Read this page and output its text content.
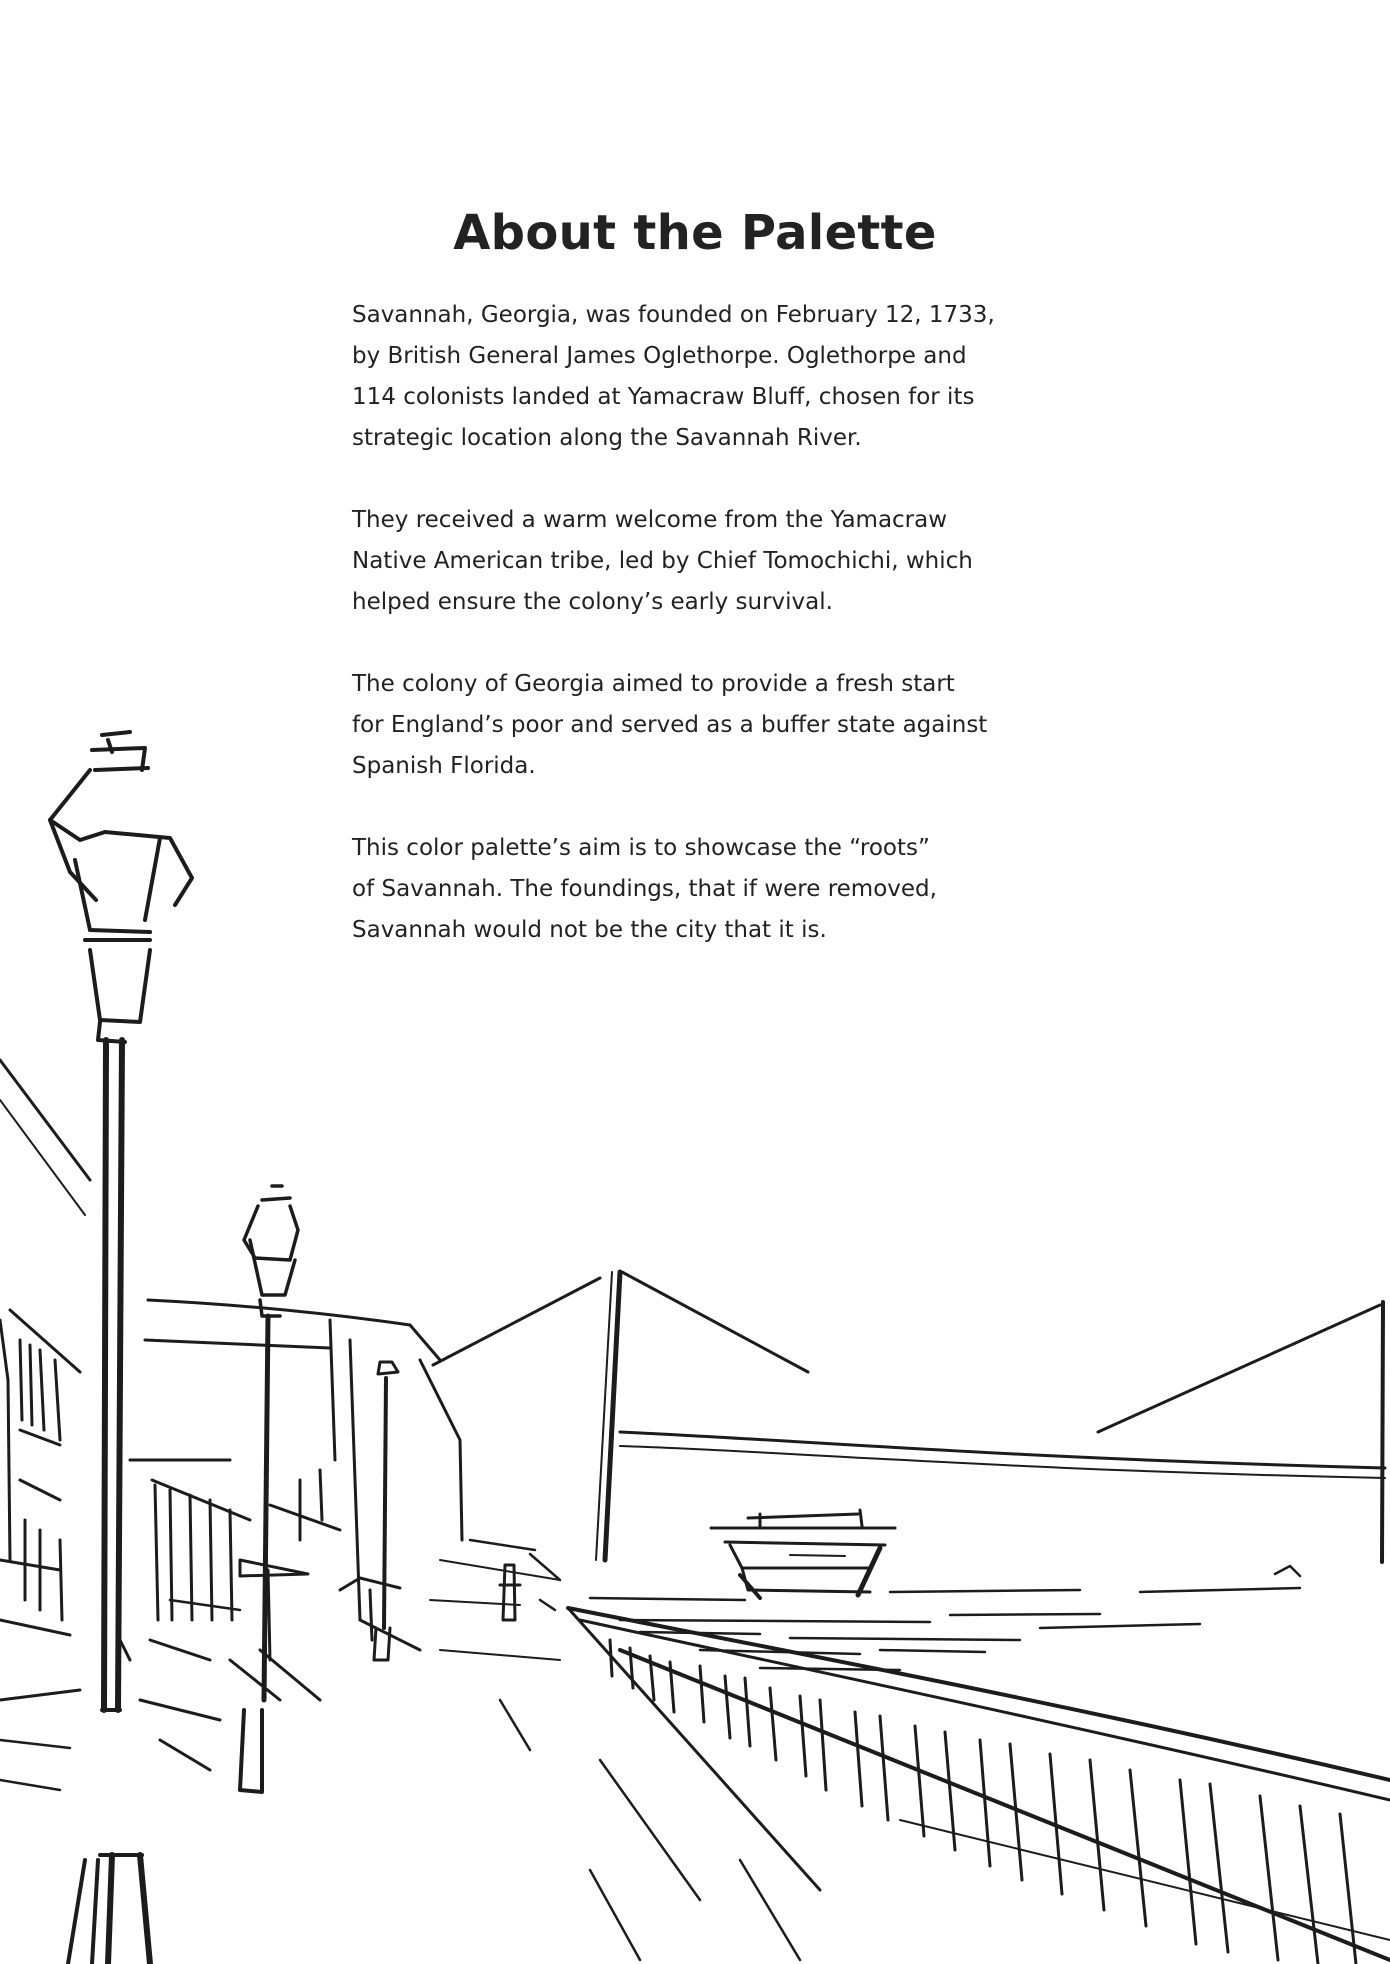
About the Palette

Savannah, Georgia, was founded on February 12, 1733,
by British General James Oglethorpe. Oglethorpe and
114 colonists landed at Yamacraw Bluff, chosen for its
strategic location along the Savannah River.

They received a warm welcome from the Yamacraw
Native American tribe, led by Chief Tomochichi, which
helped ensure the colony’s early survival.

The colony of Georgia aimed to provide a fresh start
for England’s poor and served as a buffer state against
Spanish Florida.

This color palette’s aim is to showcase the “roots”
of Savannah. The foundings, that if were removed,
Savannah would not be the city that it is.
